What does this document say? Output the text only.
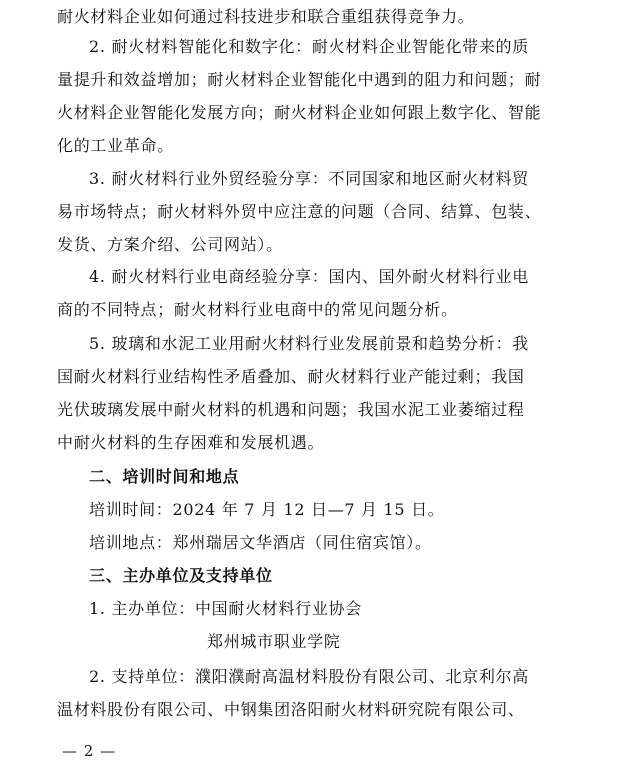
耐火材料企业如何通过科技进步和联合重组获得竞争力。
2. 耐火材料智能化和数字化：耐火材料企业智能化带来的质
量提升和效益增加；耐火材料企业智能化中遇到的阻力和问题；耐
火材料企业智能化发展方向；耐火材料企业如何跟上数字化、智能
化的工业革命。
3. 耐火材料行业外贸经验分享：不同国家和地区耐火材料贸
易市场特点；耐火材料外贸中应注意的问题（合同、结算、包装、
发货、方案介绍、公司网站）。
4. 耐火材料行业电商经验分享：国内、国外耐火材料行业电
商的不同特点；耐火材料行业电商中的常见问题分析。
5. 玻璃和水泥工业用耐火材料行业发展前景和趋势分析：我
国耐火材料行业结构性矛盾叠加、耐火材料行业产能过剩；我国
光伏玻璃发展中耐火材料的机遇和问题；我国水泥工业萎缩过程
中耐火材料的生存困难和发展机遇。
二、培训时间和地点
培训时间：2024 年 7 月 12 日—7 月 15 日。
培训地点：郑州瑞居文华酒店（同住宿宾馆）。
三、主办单位及支持单位
1. 主办单位：中国耐火材料行业协会
郑州城市职业学院
2. 支持单位：濮阳濮耐高温材料股份有限公司、北京利尔高
温材料股份有限公司、中钢集团洛阳耐火材料研究院有限公司、
— 2 —
